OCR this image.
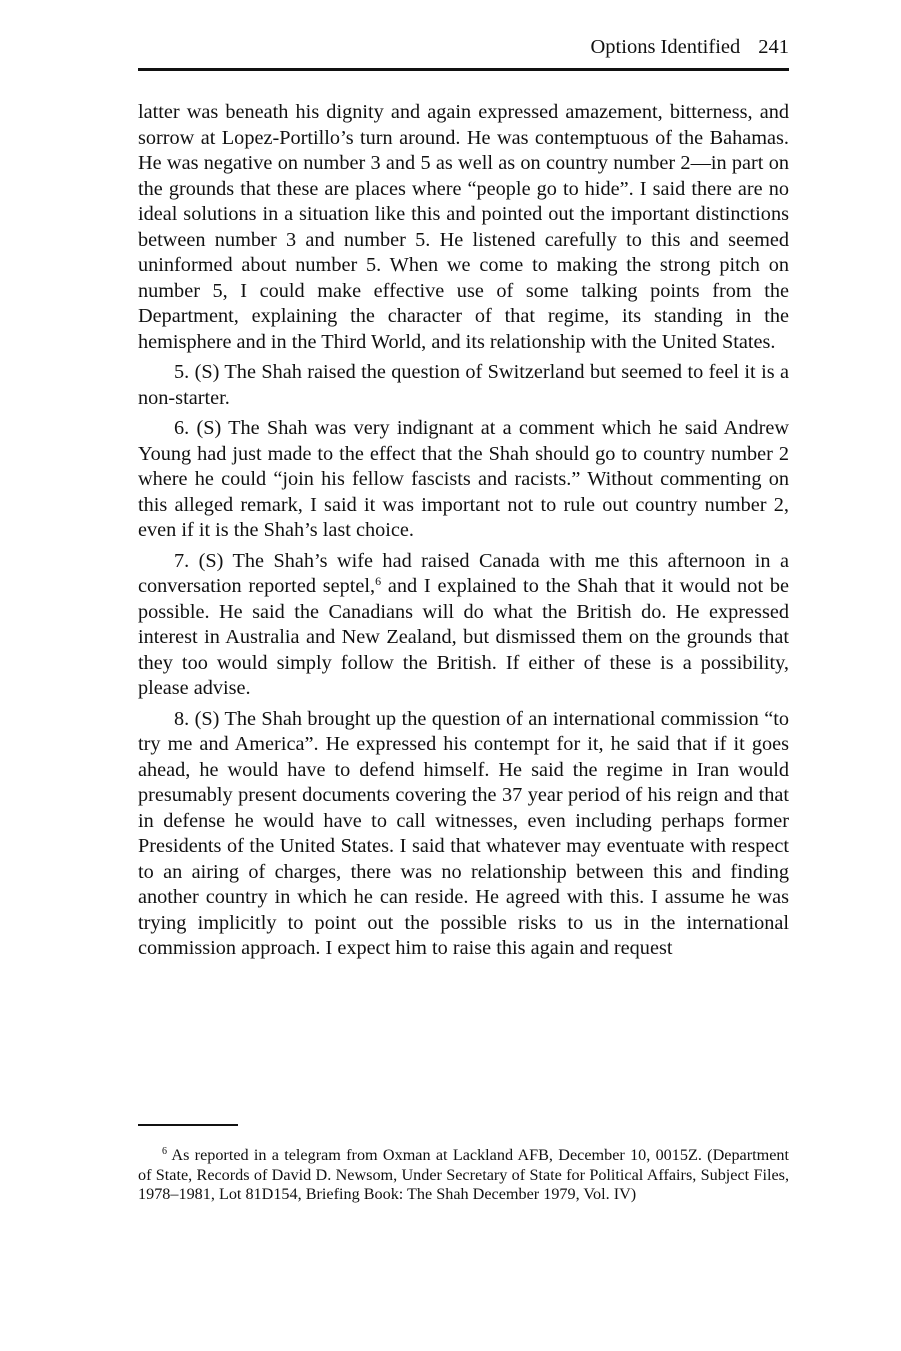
Options Identified 241

latter was beneath his dignity and again expressed amazement, bitterness, and sorrow at Lopez-Portillo’s turn around. He was contemptuous of the Bahamas. He was negative on number 3 and 5 as well as on country number 2—in part on the grounds that these are places where “people go to hide”. I said there are no ideal solutions in a situation like this and pointed out the important distinctions between number 3 and number 5. He listened carefully to this and seemed uninformed about number 5. When we come to making the strong pitch on number 5, I could make effective use of some talking points from the Department, explaining the character of that regime, its standing in the hemisphere and in the Third World, and its relationship with the United States.

5. (S) The Shah raised the question of Switzerland but seemed to feel it is a non-starter.

6. (S) The Shah was very indignant at a comment which he said Andrew Young had just made to the effect that the Shah should go to country number 2 where he could “join his fellow fascists and racists.” Without commenting on this alleged remark, I said it was important not to rule out country number 2, even if it is the Shah’s last choice.

7. (S) The Shah’s wife had raised Canada with me this afternoon in a conversation reported septel,$^6$ and I explained to the Shah that it would not be possible. He said the Canadians will do what the British do. He expressed interest in Australia and New Zealand, but dismissed them on the grounds that they too would simply follow the British. If either of these is a possibility, please advise.

8. (S) The Shah brought up the question of an international commission “to try me and America”. He expressed his contempt for it, he said that if it goes ahead, he would have to defend himself. He said the regime in Iran would presumably present documents covering the 37 year period of his reign and that in defense he would have to call witnesses, even including perhaps former Presidents of the United States. I said that whatever may eventuate with respect to an airing of charges, there was no relationship between this and finding another country in which he can reside. He agreed with this. I assume he was trying implicitly to point out the possible risks to us in the international commission approach. I expect him to raise this again and request

$^6$ As reported in a telegram from Oxman at Lackland AFB, December 10, 0015Z. (Department of State, Records of David D. Newsom, Under Secretary of State for Political Affairs, Subject Files, 1978–1981, Lot 81D154, Briefing Book: The Shah December 1979, Vol. IV)
